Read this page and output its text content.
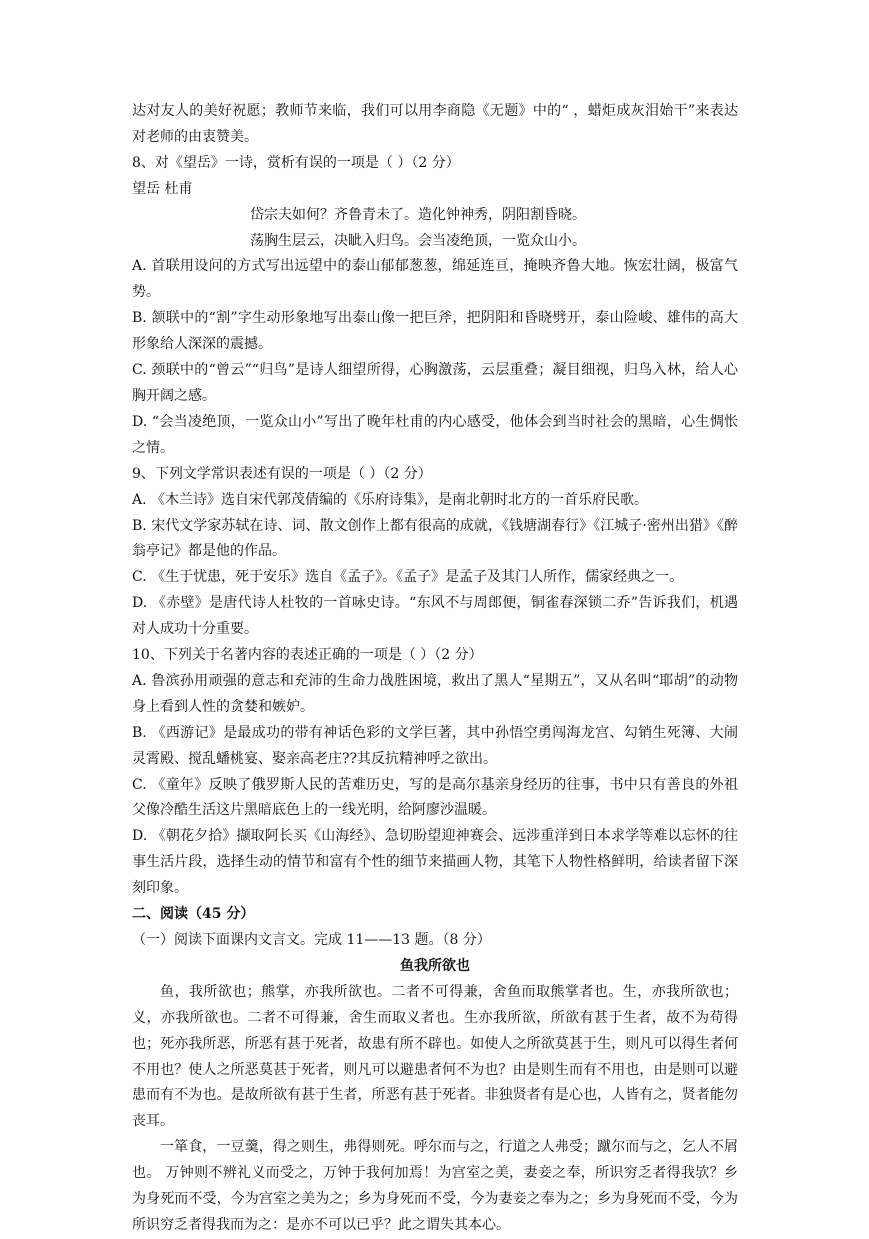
达对友人的美好祝愿；教师节来临，我们可以用李商隐《无题》中的“ ，蜡炬成灰泪始干”来表达对老师的由衷赞美。

8、对《望岳》一诗，赏析有误的一项是（ ）（2 分）

望岳 杜甫

岱宗夫如何？齐鲁青未了。造化钟神秀，阴阳割昏晓。

荡胸生层云，决眦入归鸟。会当凌绝顶，一览众山小。

A. 首联用设问的方式写出远望中的泰山郁郁葱葱，绵延连亘，掩映齐鲁大地。恢宏壮阔，极富气势。

B. 颔联中的“割”字生动形象地写出泰山像一把巨斧，把阴阳和昏晓劈开，泰山险峻、雄伟的高大形象给人深深的震撼。

C. 颈联中的“曾云”“归鸟”是诗人细望所得，心胸激荡，云层重叠；凝目细视，归鸟入林，给人心胸开阔之感。

D. “会当凌绝顶，一览众山小”写出了晚年杜甫的内心感受，他体会到当时社会的黑暗，心生惆怅之情。

9、下列文学常识表述有误的一项是（ ）（2 分）

A. 《木兰诗》选自宋代郭茂倩编的《乐府诗集》，是南北朝时北方的一首乐府民歌。

B. 宋代文学家苏轼在诗、词、散文创作上都有很高的成就，《钱塘湖春行》《江城子·密州出猎》《醉翁亭记》都是他的作品。

C. 《生于忧患，死于安乐》选自《孟子》。《孟子》是孟子及其门人所作，儒家经典之一。

D. 《赤壁》是唐代诗人杜牧的一首咏史诗。“东风不与周郎便，铜雀春深锁二乔”告诉我们，机遇对人成功十分重要。

10、下列关于名著内容的表述正确的一项是（ ）（2 分）

A. 鲁滨孙用顽强的意志和充沛的生命力战胜困境，救出了黑人“星期五”，又从名叫“耶胡”的动物身上看到人性的贪婪和嫉妒。

B. 《西游记》是最成功的带有神话色彩的文学巨著，其中孙悟空勇闯海龙宫、勾销生死簿、大闹灵霄殿、搅乱蟠桃宴、娶亲高老庄??其反抗精神呼之欲出。

C. 《童年》反映了俄罗斯人民的苦难历史，写的是高尔基亲身经历的往事，书中只有善良的外祖父像冷酷生活这片黑暗底色上的一线光明，给阿廖沙温暖。

D. 《朝花夕拾》撷取阿长买《山海经》、急切盼望迎神赛会、远涉重洋到日本求学等难以忘怀的往事生活片段，选择生动的情节和富有个性的细节来描画人物，其笔下人物性格鲜明，给读者留下深刻印象。

二、阅读（45 分）

（一）阅读下面课内文言文。完成 11——13 题。（8 分）

鱼我所欲也

鱼，我所欲也；熊掌，亦我所欲也。二者不可得兼，舍鱼而取熊掌者也。生，亦我所欲也；义，亦我所欲也。二者不可得兼，舍生而取义者也。生亦我所欲，所欲有甚于生者，故不为苟得也；死亦我所恶，所恶有甚于死者，故患有所不辟也。如使人之所欲莫甚于生，则凡可以得生者何不用也？使人之所恶莫甚于死者，则凡可以避患者何不为也？由是则生而有不用也，由是则可以避患而有不为也。是故所欲有甚于生者，所恶有甚于死者。非独贤者有是心也，人皆有之，贤者能勿丧耳。

一箪食，一豆羹，得之则生，弗得则死。呼尔而与之，行道之人弗受；蹴尔而与之，乞人不屑也。 万钟则不辨礼义而受之，万钟于我何加焉！为宫室之美，妻妾之奉，所识穷乏者得我欤？乡为身死而不受，今为宫室之美为之；乡为身死而不受，今为妻妾之奉为之；乡为身死而不受，今为所识穷乏者得我而为之：是亦不可以已乎？此之谓失其本心。
